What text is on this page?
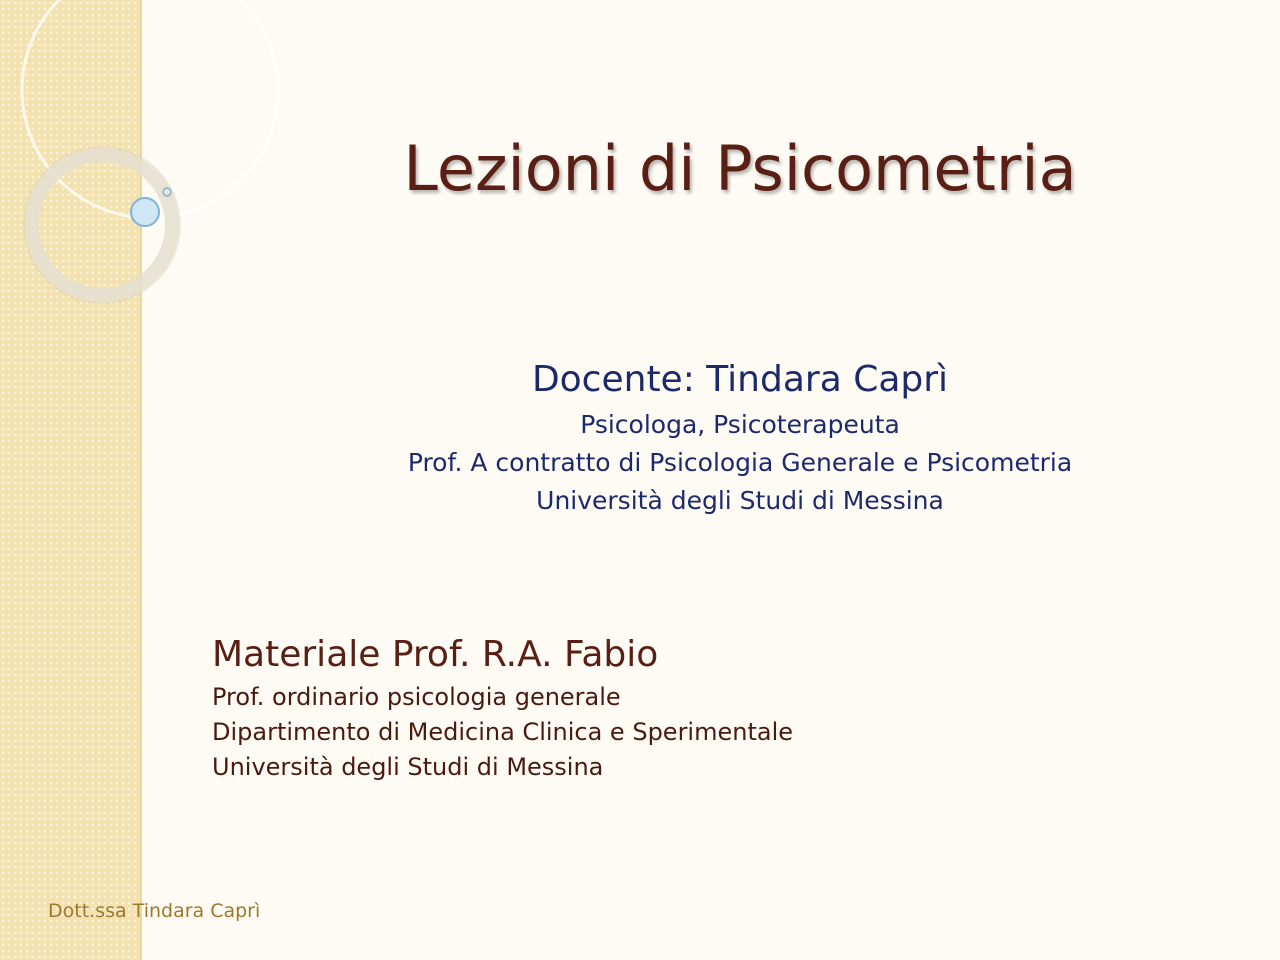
Lezioni di Psicometria
Docente: Tindara Caprì
Psicologa, Psicoterapeuta
Prof. A contratto di Psicologia Generale e Psicometria
Università degli Studi di Messina
Materiale Prof. R.A. Fabio
Prof. ordinario psicologia generale
Dipartimento di Medicina Clinica e Sperimentale
Università degli Studi di Messina
Dott.ssa Tindara Caprì
